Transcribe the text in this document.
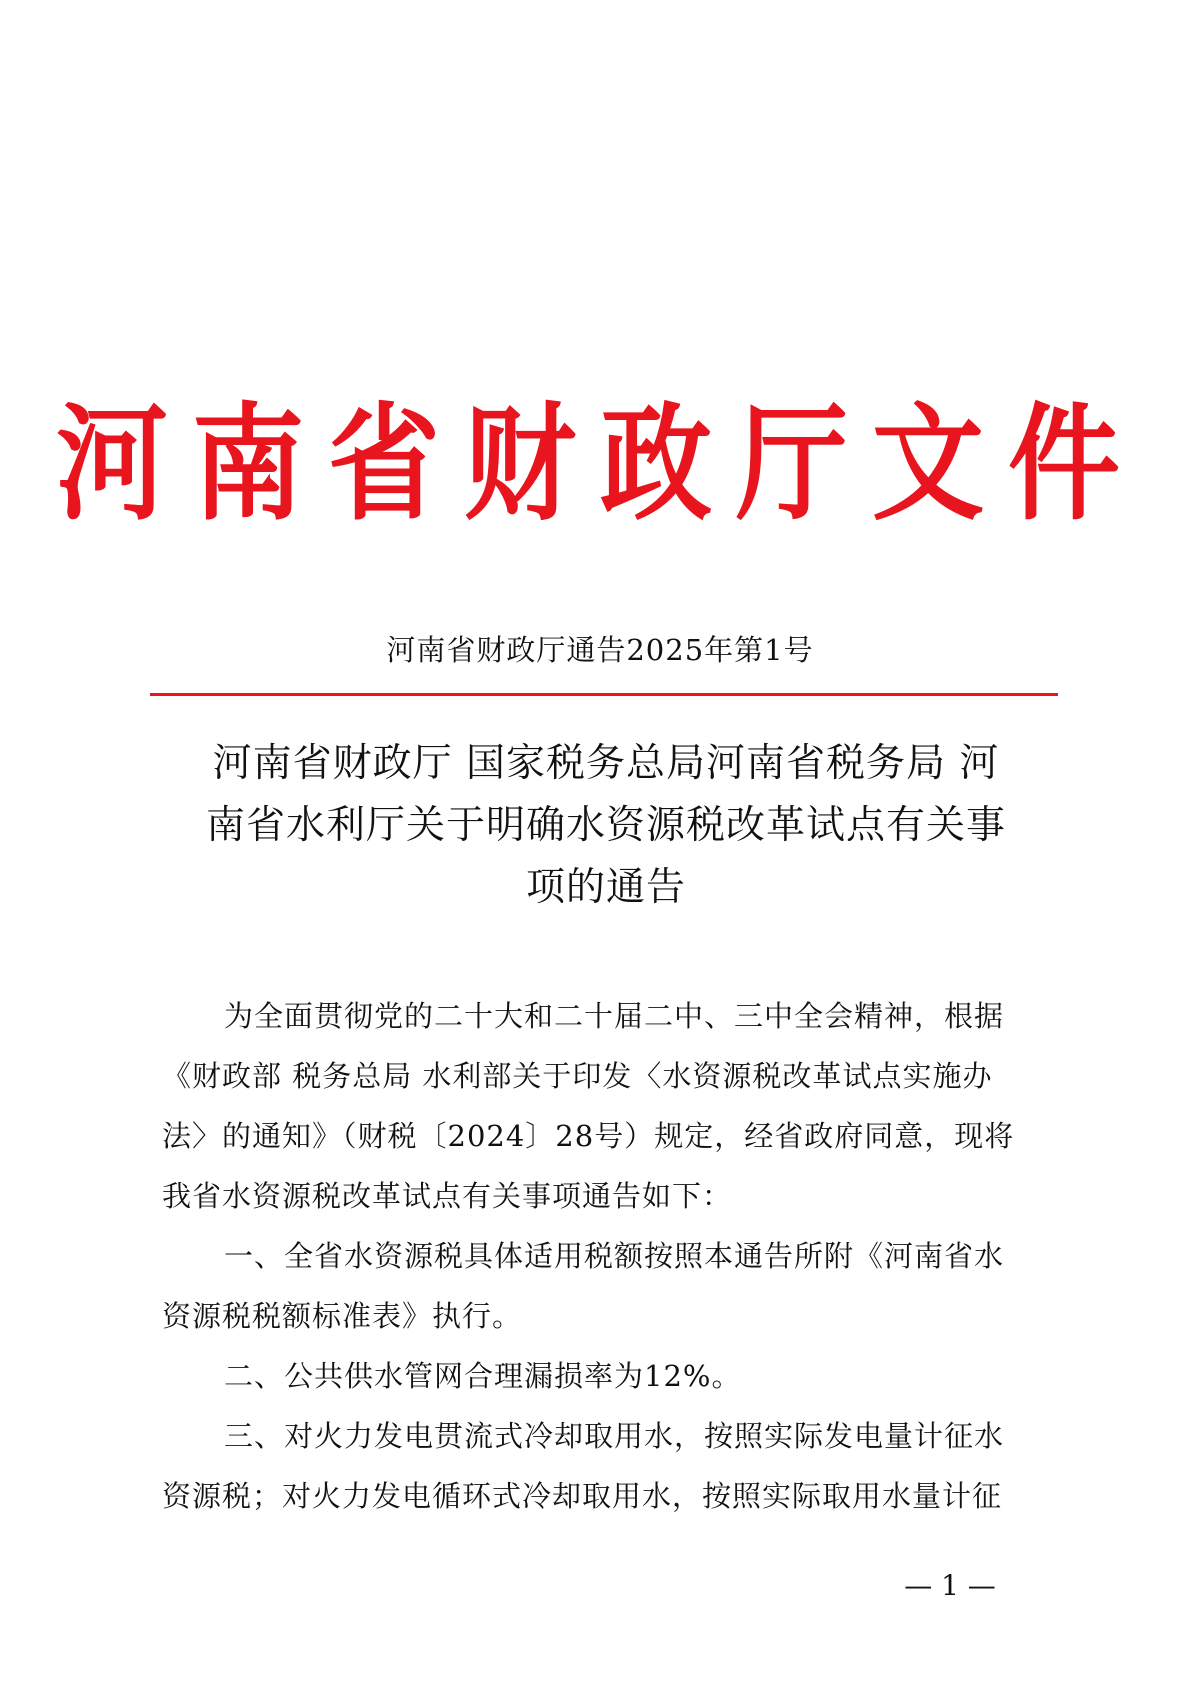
河南省财政厅文件
河南省财政厅通告2025年第1号
河南省财政厅 国家税务总局河南省税务局 河
南省水利厅关于明确水资源税改革试点有关事
项的通告
为全面贯彻党的二十大和二十届二中、三中全会精神，根据
《财政部 税务总局 水利部关于印发〈水资源税改革试点实施办
法〉的通知》（财税〔2024〕28号）规定，经省政府同意，现将
我省水资源税改革试点有关事项通告如下：
一、全省水资源税具体适用税额按照本通告所附《河南省水
资源税税额标准表》执行。
二、公共供水管网合理漏损率为12%。
三、对火力发电贯流式冷却取用水，按照实际发电量计征水
资源税；对火力发电循环式冷却取用水，按照实际取用水量计征
— 1 —
